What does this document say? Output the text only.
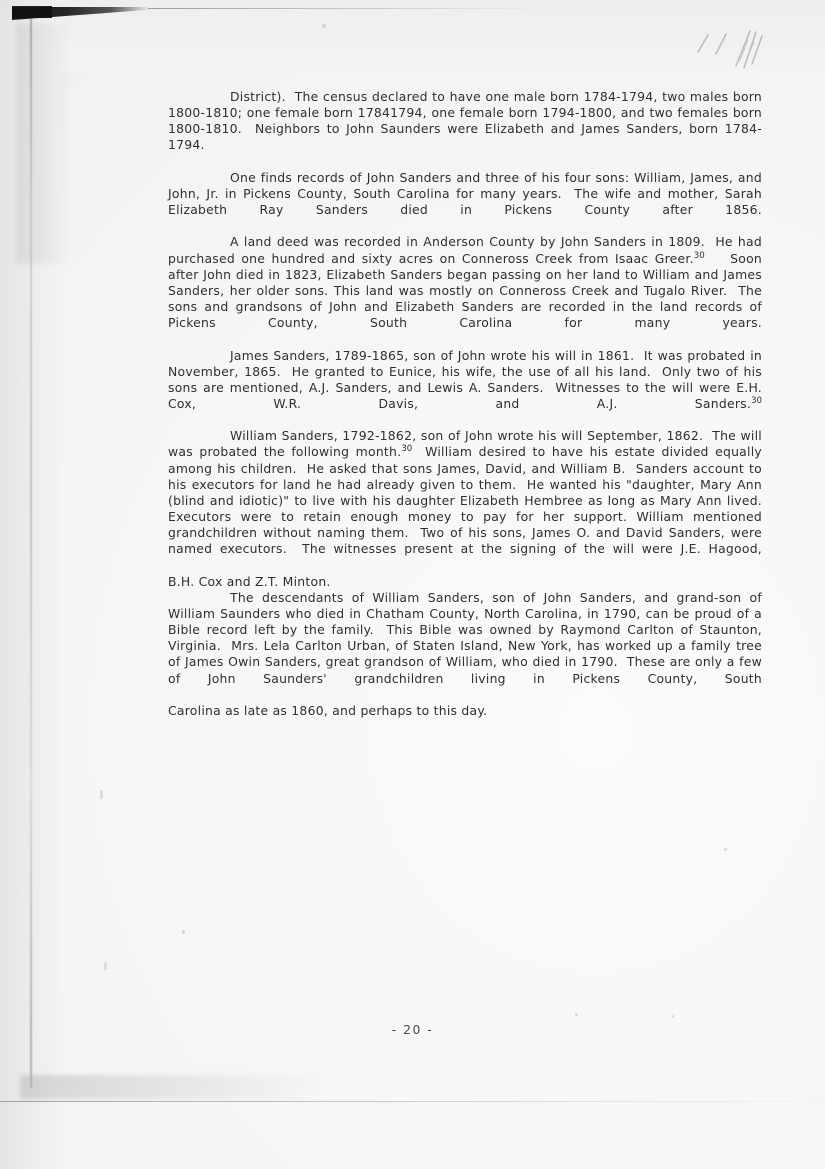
District).  The census declared to have one male born 1784-1794, two males born 1800-1810; one female born 17841794, one female born 1794-1800, and two females born 1800-1810.  Neighbors to John Saunders were Elizabeth and James Sanders, born 1784-1794.

One finds records of John Sanders and three of his four sons: William, James, and John, Jr. in Pickens County, South Carolina for many years.  The wife and mother, Sarah Elizabeth Ray Sanders died in Pickens County after 1856.

A land deed was recorded in Anderson County by John Sanders in 1809.  He had purchased one hundred and sixty acres on Conneross Creek from Isaac Greer.$^{30}$    Soon after John died in 1823, Elizabeth Sanders began passing on her land to William and James Sanders, her older sons. This land was mostly on Conneross Creek and Tugalo River.  The sons and grandsons of John and Elizabeth Sanders are recorded in the land records of Pickens County, South Carolina for many years.

James Sanders, 1789-1865, son of John wrote his will in 1861.  It was probated in November, 1865.  He granted to Eunice, his wife, the use of all his land.  Only two of his sons are mentioned, A.J. Sanders, and Lewis A. Sanders.  Witnesses to the will were E.H. Cox, W.R. Davis, and A.J. Sanders.$^{30}$

William Sanders, 1792-1862, son of John wrote his will September, 1862.  The will was probated the following month.$^{30}$  William desired to have his estate divided equally among his children.  He asked that sons James, David, and William B.  Sanders account to his executors for land he had already given to them.  He wanted his "daughter, Mary Ann (blind and idiotic)" to live with his daughter Elizabeth Hembree as long as Mary Ann lived.  Executors were to retain enough money to pay for her support. William mentioned grandchildren without naming them.  Two of his sons, James O. and David Sanders, were named executors.  The witnesses present at the signing of the will were J.E. Hagood,

B.H. Cox and Z.T. Minton.

The descendants of William Sanders, son of John Sanders, and grand-son of William Saunders who died in Chatham County, North Carolina, in 1790, can be proud of a Bible record left by the family.  This Bible was owned by Raymond Carlton of Staunton, Virginia.  Mrs. Lela Carlton Urban, of Staten Island, New York, has worked up a family tree of James Owin Sanders, great grandson of William, who died in 1790.  These are only a few of John Saunders' grandchildren living in Pickens County, South

Carolina as late as 1860, and perhaps to this day.

- 20 -
